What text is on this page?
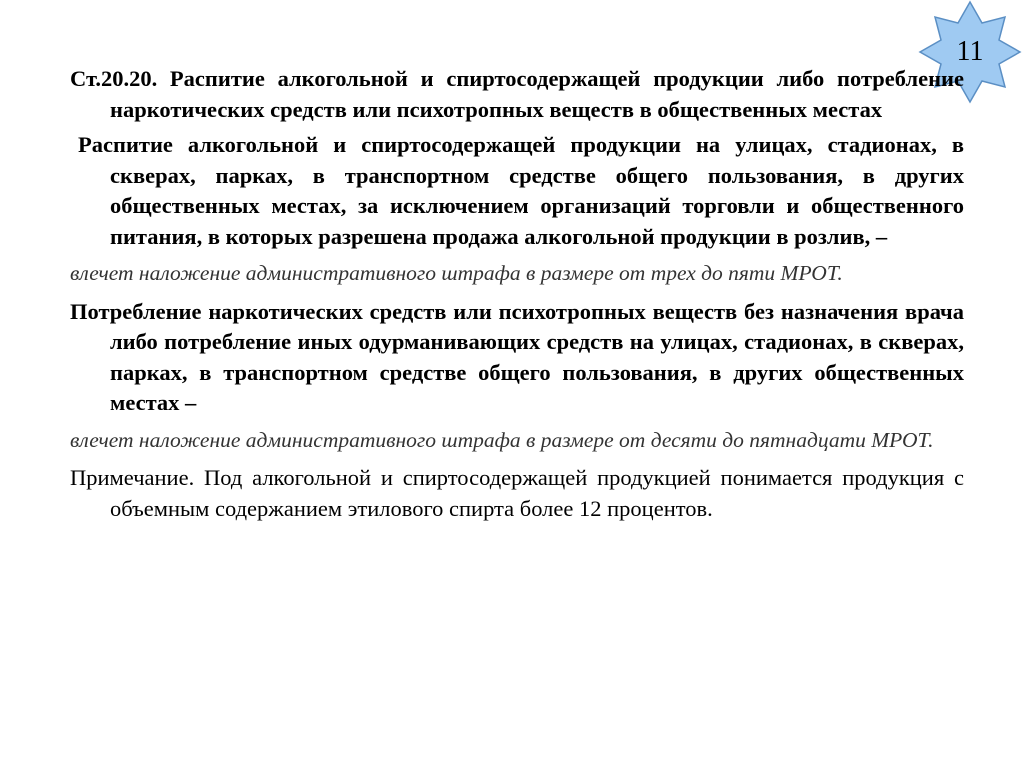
11

Ст.20.20. Распитие алкогольной и спиртосодержащей продукции либо потребление наркотических средств или психотропных веществ в общественных местах

Распитие алкогольной и спиртосодержащей продукции на улицах, стадионах, в скверах, парках, в транспортном средстве общего пользования, в других общественных местах, за исключением организаций торговли и общественного питания, в которых разрешена продажа алкогольной продукции в розлив, –

влечет наложение административного штрафа в размере от трех до пяти МРОТ.

Потребление наркотических средств или психотропных веществ без назначения врача либо потребление иных одурманивающих средств на улицах, стадионах, в скверах, парках, в транспортном средстве общего пользования, в других общественных местах –

влечет наложение административного штрафа в размере от десяти до пятнадцати МРОТ.

Примечание. Под алкогольной и спиртосодержащей продукцией понимается продукция с объемным содержанием этилового спирта более 12 процентов.
